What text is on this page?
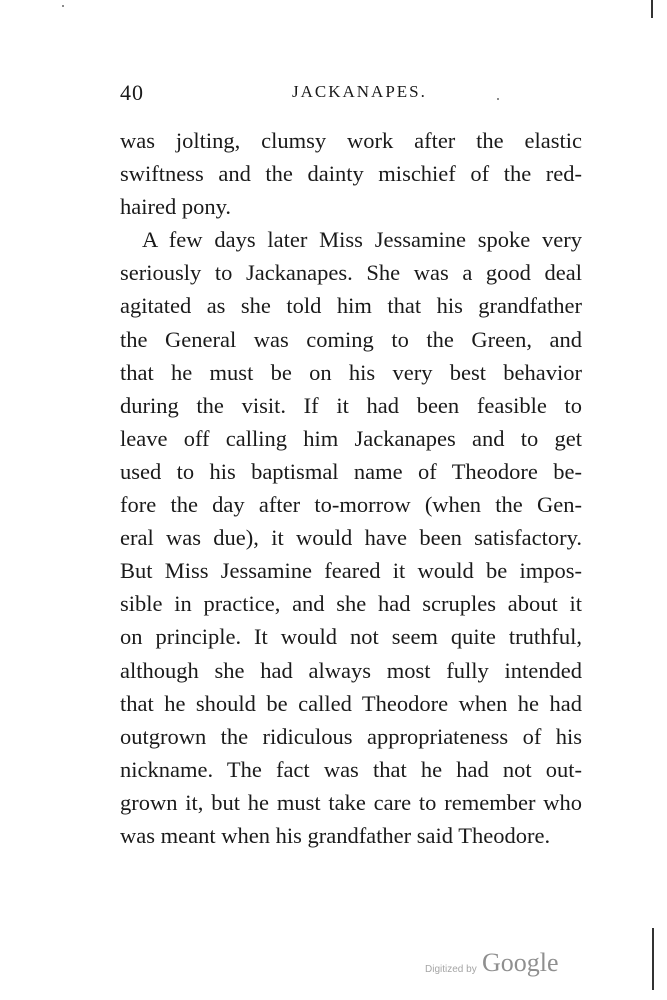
40	JACKANAPES.
was jolting, clumsy work after the elastic
swiftness and the dainty mischief of the red-
haired pony.
A few days later Miss Jessamine spoke very
seriously to Jackanapes. She was a good deal
agitated as she told him that his grandfather
the General was coming to the Green, and
that he must be on his very best behavior
during the visit. If it had been feasible to
leave off calling him Jackanapes and to get
used to his baptismal name of Theodore be-
fore the day after to-morrow (when the Gen-
eral was due), it would have been satisfactory.
But Miss Jessamine feared it would be impos-
sible in practice, and she had scruples about it
on principle. It would not seem quite truthful,
although she had always most fully intended
that he should be called Theodore when he had
outgrown the ridiculous appropriateness of his
nickname. The fact was that he had not out-
grown it, but he must take care to remember who
was meant when his grandfather said Theodore.
Digitized by Google
